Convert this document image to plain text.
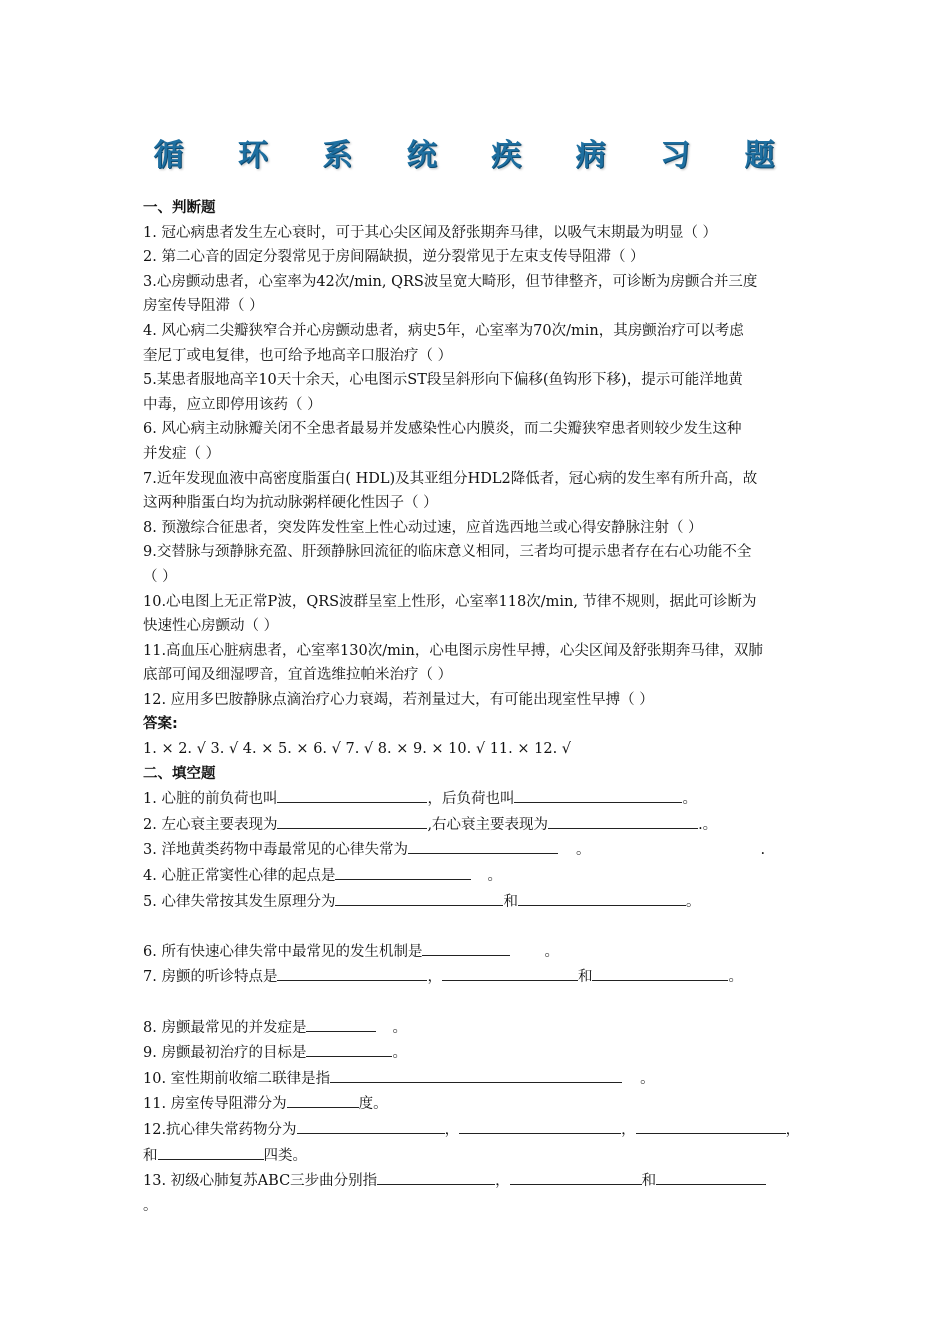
循 环 系 统 疾 病 习 题
一、判断题
1. 冠心病患者发生左心衰时，可于其心尖区闻及舒张期奔马律，以吸气末期最为明显（ ）
2. 第二心音的固定分裂常见于房间隔缺损，逆分裂常见于左束支传导阻滞（ ）
3.心房颤动患者，心室率为42次/min, QRS波呈宽大畸形，但节律整齐，可诊断为房颤合并三度
房室传导阻滞（ ）
4. 风心病二尖瓣狭窄合并心房颤动患者，病史5年，心室率为70次/min，其房颤治疗可以考虑
奎尼丁或电复律，也可给予地高辛口服治疗（ ）
5.某患者服地高辛10天十余天，心电图示ST段呈斜形向下偏移(鱼钩形下移)，提示可能洋地黄
中毒，应立即停用该药（ ）
6. 风心病主动脉瓣关闭不全患者最易并发感染性心内膜炎，而二尖瓣狭窄患者则较少发生这种
并发症（ ）
7.近年发现血液中高密度脂蛋白( HDL)及其亚组分HDL2降低者，冠心病的发生率有所升高，故
这两种脂蛋白均为抗动脉粥样硬化性因子（ ）
8. 预激综合征患者，突发阵发性室上性心动过速，应首选西地兰或心得安静脉注射（ ）
9.交替脉与颈静脉充盈、肝颈静脉回流征的临床意义相同，三者均可提示患者存在右心功能不全
（ ）
10.心电图上无正常P波，QRS波群呈室上性形，心室率118次/min, 节律不规则，据此可诊断为
快速性心房颤动（ ）
11.高血压心脏病患者，心室率130次/min，心电图示房性早搏，心尖区闻及舒张期奔马律，双肺
底部可闻及细湿啰音，宜首选维拉帕米治疗（ ）
12. 应用多巴胺静脉点滴治疗心力衰竭，若剂量过大，有可能出现室性早搏（ ）
答案:
1. × 2. √ 3. √ 4. × 5. × 6. √ 7. √ 8. × 9. × 10. √ 11. × 12. √
二、填空题
1. 心脏的前负荷也叫	，后负荷也叫	。
2. 左心衰主要表现为	,右心衰主要表现为	.。
3. 洋地黄类药物中毒最常见的心律失常为	。	.
4. 心脏正常窦性心律的起点是	。
5. 心律失常按其发生原理分为	和	。
6. 所有快速心律失常中最常见的发生机制是	。
7. 房颤的听诊特点是	，	和	。
8. 房颤最常见的并发症是	。
9. 房颤最初治疗的目标是	。
10. 室性期前收缩二联律是指	。
11. 房室传导阻滞分为	度。
12.抗心律失常药物分为	，	，	，
和	四类。
13. 初级心肺复苏ABC三步曲分别指	，	和
。
